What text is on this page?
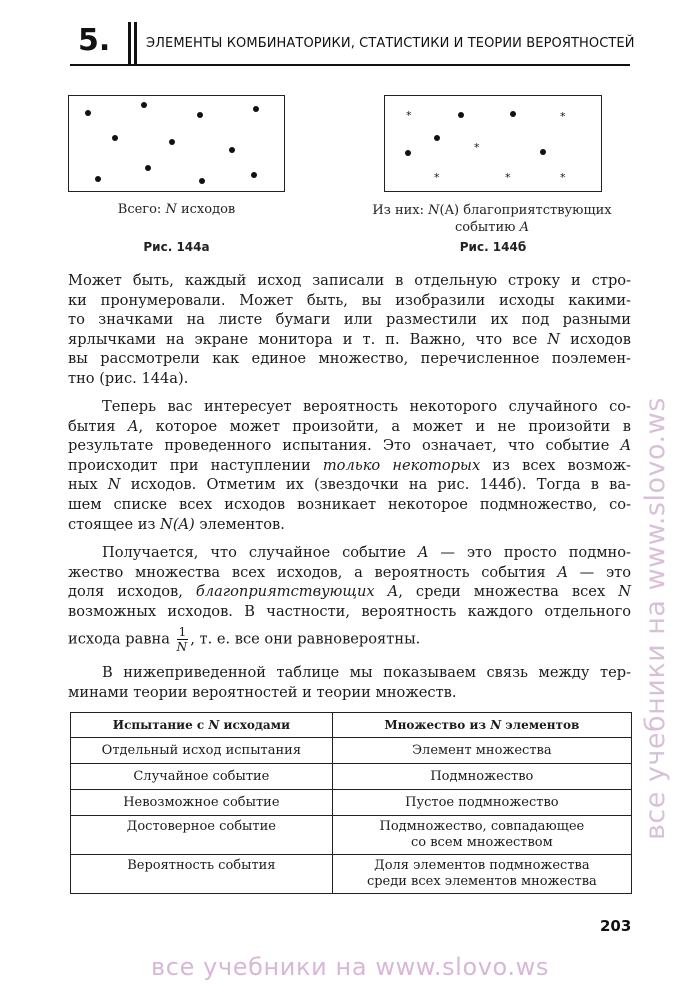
5.	ЭЛЕМЕНТЫ КОМБИНАТОРИКИ, СТАТИСТИКИ И ТЕОРИИ ВЕРОЯТНОСТЕЙ
Всего: N исходов
Рис. 144а
*	*
*
*	*	*
Из них: N(A) благоприятствующих
событию A
Рис. 144б
Может быть, каждый исход записали в отдельную строку и стро-
ки пронумеровали. Может быть, вы изобразили исходы какими-
то значками на листе бумаги или разместили их под разными
ярлычками на экране монитора и т. п. Важно, что все N исходов
вы рассмотрели как единое множество, перечисленное поэлемен-
тно (рис. 144а).
Теперь вас интересует вероятность некоторого случайного со-
бытия A, которое может произойти, а может и не произойти в
результате проведенного испытания. Это означает, что событие A
происходит при наступлении только некоторых из всех возмож-
ных N исходов. Отметим их (звездочки на рис. 144б). Тогда в ва-
шем списке всех исходов возникает некоторое подмножество, со-
стоящее из N(A) элементов.
Получается, что случайное событие A — это просто подмно-
жество множества всех исходов, а вероятность события A — это
доля исходов, благоприятствующих A, среди множества всех N
возможных исходов. В частности, вероятность каждого отдельного
исхода равна $\frac{1}{N}$ , т. е. все они равновероятны.
В нижеприведенной таблице мы показываем связь между тер-
минами теории вероятностей и теории множеств.
Испытание с N исходами	Множество из N элементов
Отдельный исход испытания	Элемент множества
Случайное событие	Подмножество
Невозможное событие	Пустое подмножество
Достоверное событие	Подмножество, совпадающее
со всем множеством
Вероятность события	Доля элементов подмножества
среди всех элементов множества
203
все учебники на www.slovo.ws
все учебники на www.slovo.ws
